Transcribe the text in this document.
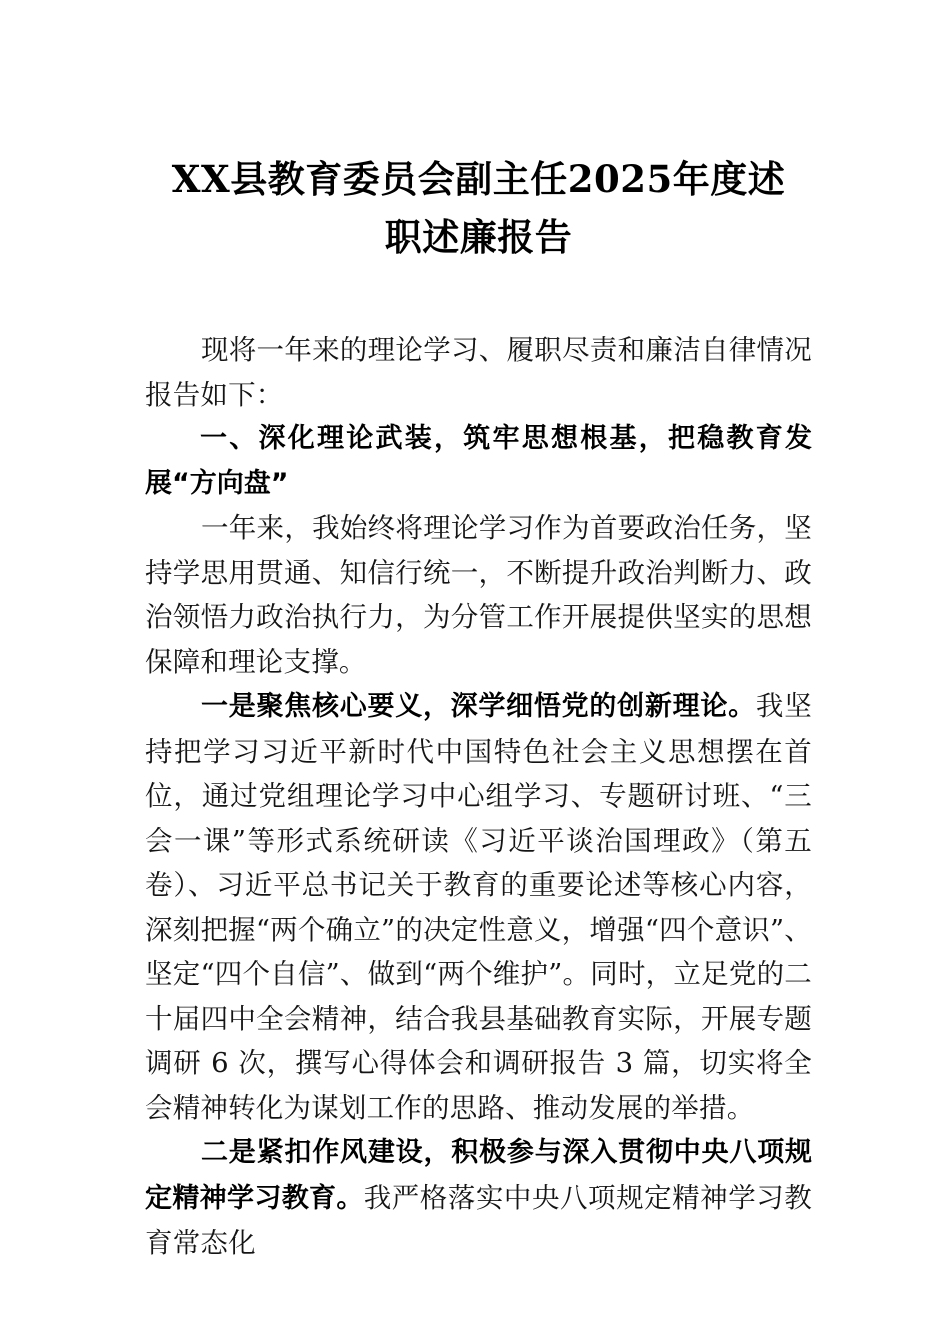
XX县教育委员会副主任2025年度述职述廉报告

现将一年来的理论学习、履职尽责和廉洁自律情况报告如下：

一、深化理论武装，筑牢思想根基，把稳教育发展“方向盘”

一年来，我始终将理论学习作为首要政治任务，坚持学思用贯通、知信行统一，不断提升政治判断力、政治领悟力政治执行力，为分管工作开展提供坚实的思想保障和理论支撑。

一是聚焦核心要义，深学细悟党的创新理论。我坚持把学习习近平新时代中国特色社会主义思想摆在首位，通过党组理论学习中心组学习、专题研讨班、“三会一课”等形式系统研读《习近平谈治国理政》（第五卷）、习近平总书记关于教育的重要论述等核心内容，深刻把握“两个确立”的决定性意义，增强“四个意识”、坚定“四个自信”、做到“两个维护”。同时，立足党的二十届四中全会精神，结合我县基础教育实际，开展专题调研 6 次，撰写心得体会和调研报告 3 篇，切实将全会精神转化为谋划工作的思路、推动发展的举措。

二是紧扣作风建设，积极参与深入贯彻中央八项规定精神学习教育。我严格落实中央八项规定精神学习教育常态化
